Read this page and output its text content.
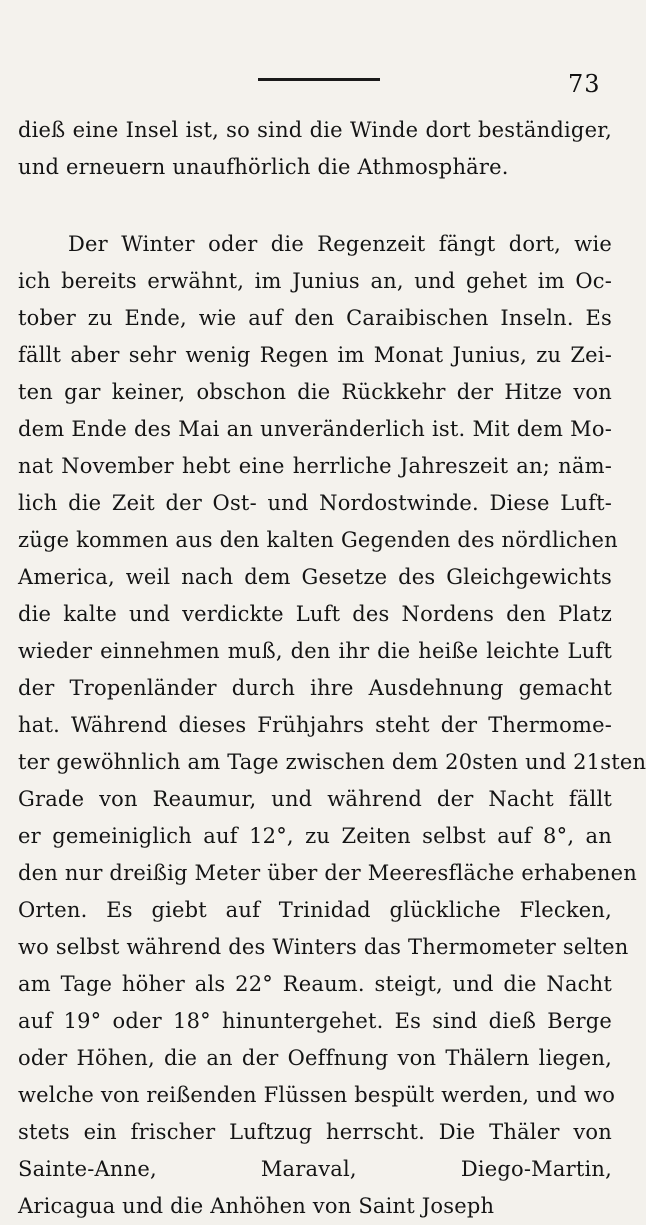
73
dieß eine Insel ist, so sind die Winde dort beständiger,
und erneuern unaufhörlich die Athmosphäre.
Der Winter oder die Regenzeit fängt dort, wie
ich bereits erwähnt, im Junius an, und gehet im Oc-
tober zu Ende, wie auf den Caraibischen Inseln. Es
fällt aber sehr wenig Regen im Monat Junius, zu Zei-
ten gar keiner, obschon die Rückkehr der Hitze von
dem Ende des Mai an unveränderlich ist. Mit dem Mo-
nat November hebt eine herrliche Jahreszeit an; näm-
lich die Zeit der Ost- und Nordostwinde. Diese Luft-
züge kommen aus den kalten Gegenden des nördlichen
America, weil nach dem Gesetze des Gleichgewichts
die kalte und verdickte Luft des Nordens den Platz
wieder einnehmen muß, den ihr die heiße leichte Luft
der Tropenländer durch ihre Ausdehnung gemacht
hat. Während dieses Frühjahrs steht der Thermome-
ter gewöhnlich am Tage zwischen dem 20sten und 21sten
Grade von Reaumur, und während der Nacht fällt
er gemeiniglich auf 12°, zu Zeiten selbst auf 8°, an
den nur dreißig Meter über der Meeresfläche erhabenen
Orten. Es giebt auf Trinidad glückliche Flecken,
wo selbst während des Winters das Thermometer selten
am Tage höher als 22° Reaum. steigt, und die Nacht
auf 19° oder 18° hinuntergehet. Es sind dieß Berge
oder Höhen, die an der Oeffnung von Thälern liegen,
welche von reißenden Flüssen bespült werden, und wo
stets ein frischer Luftzug herrscht. Die Thäler von
Sainte-Anne, Maraval, Diego-Martin,
Aricagua und die Anhöhen von Saint Joseph
